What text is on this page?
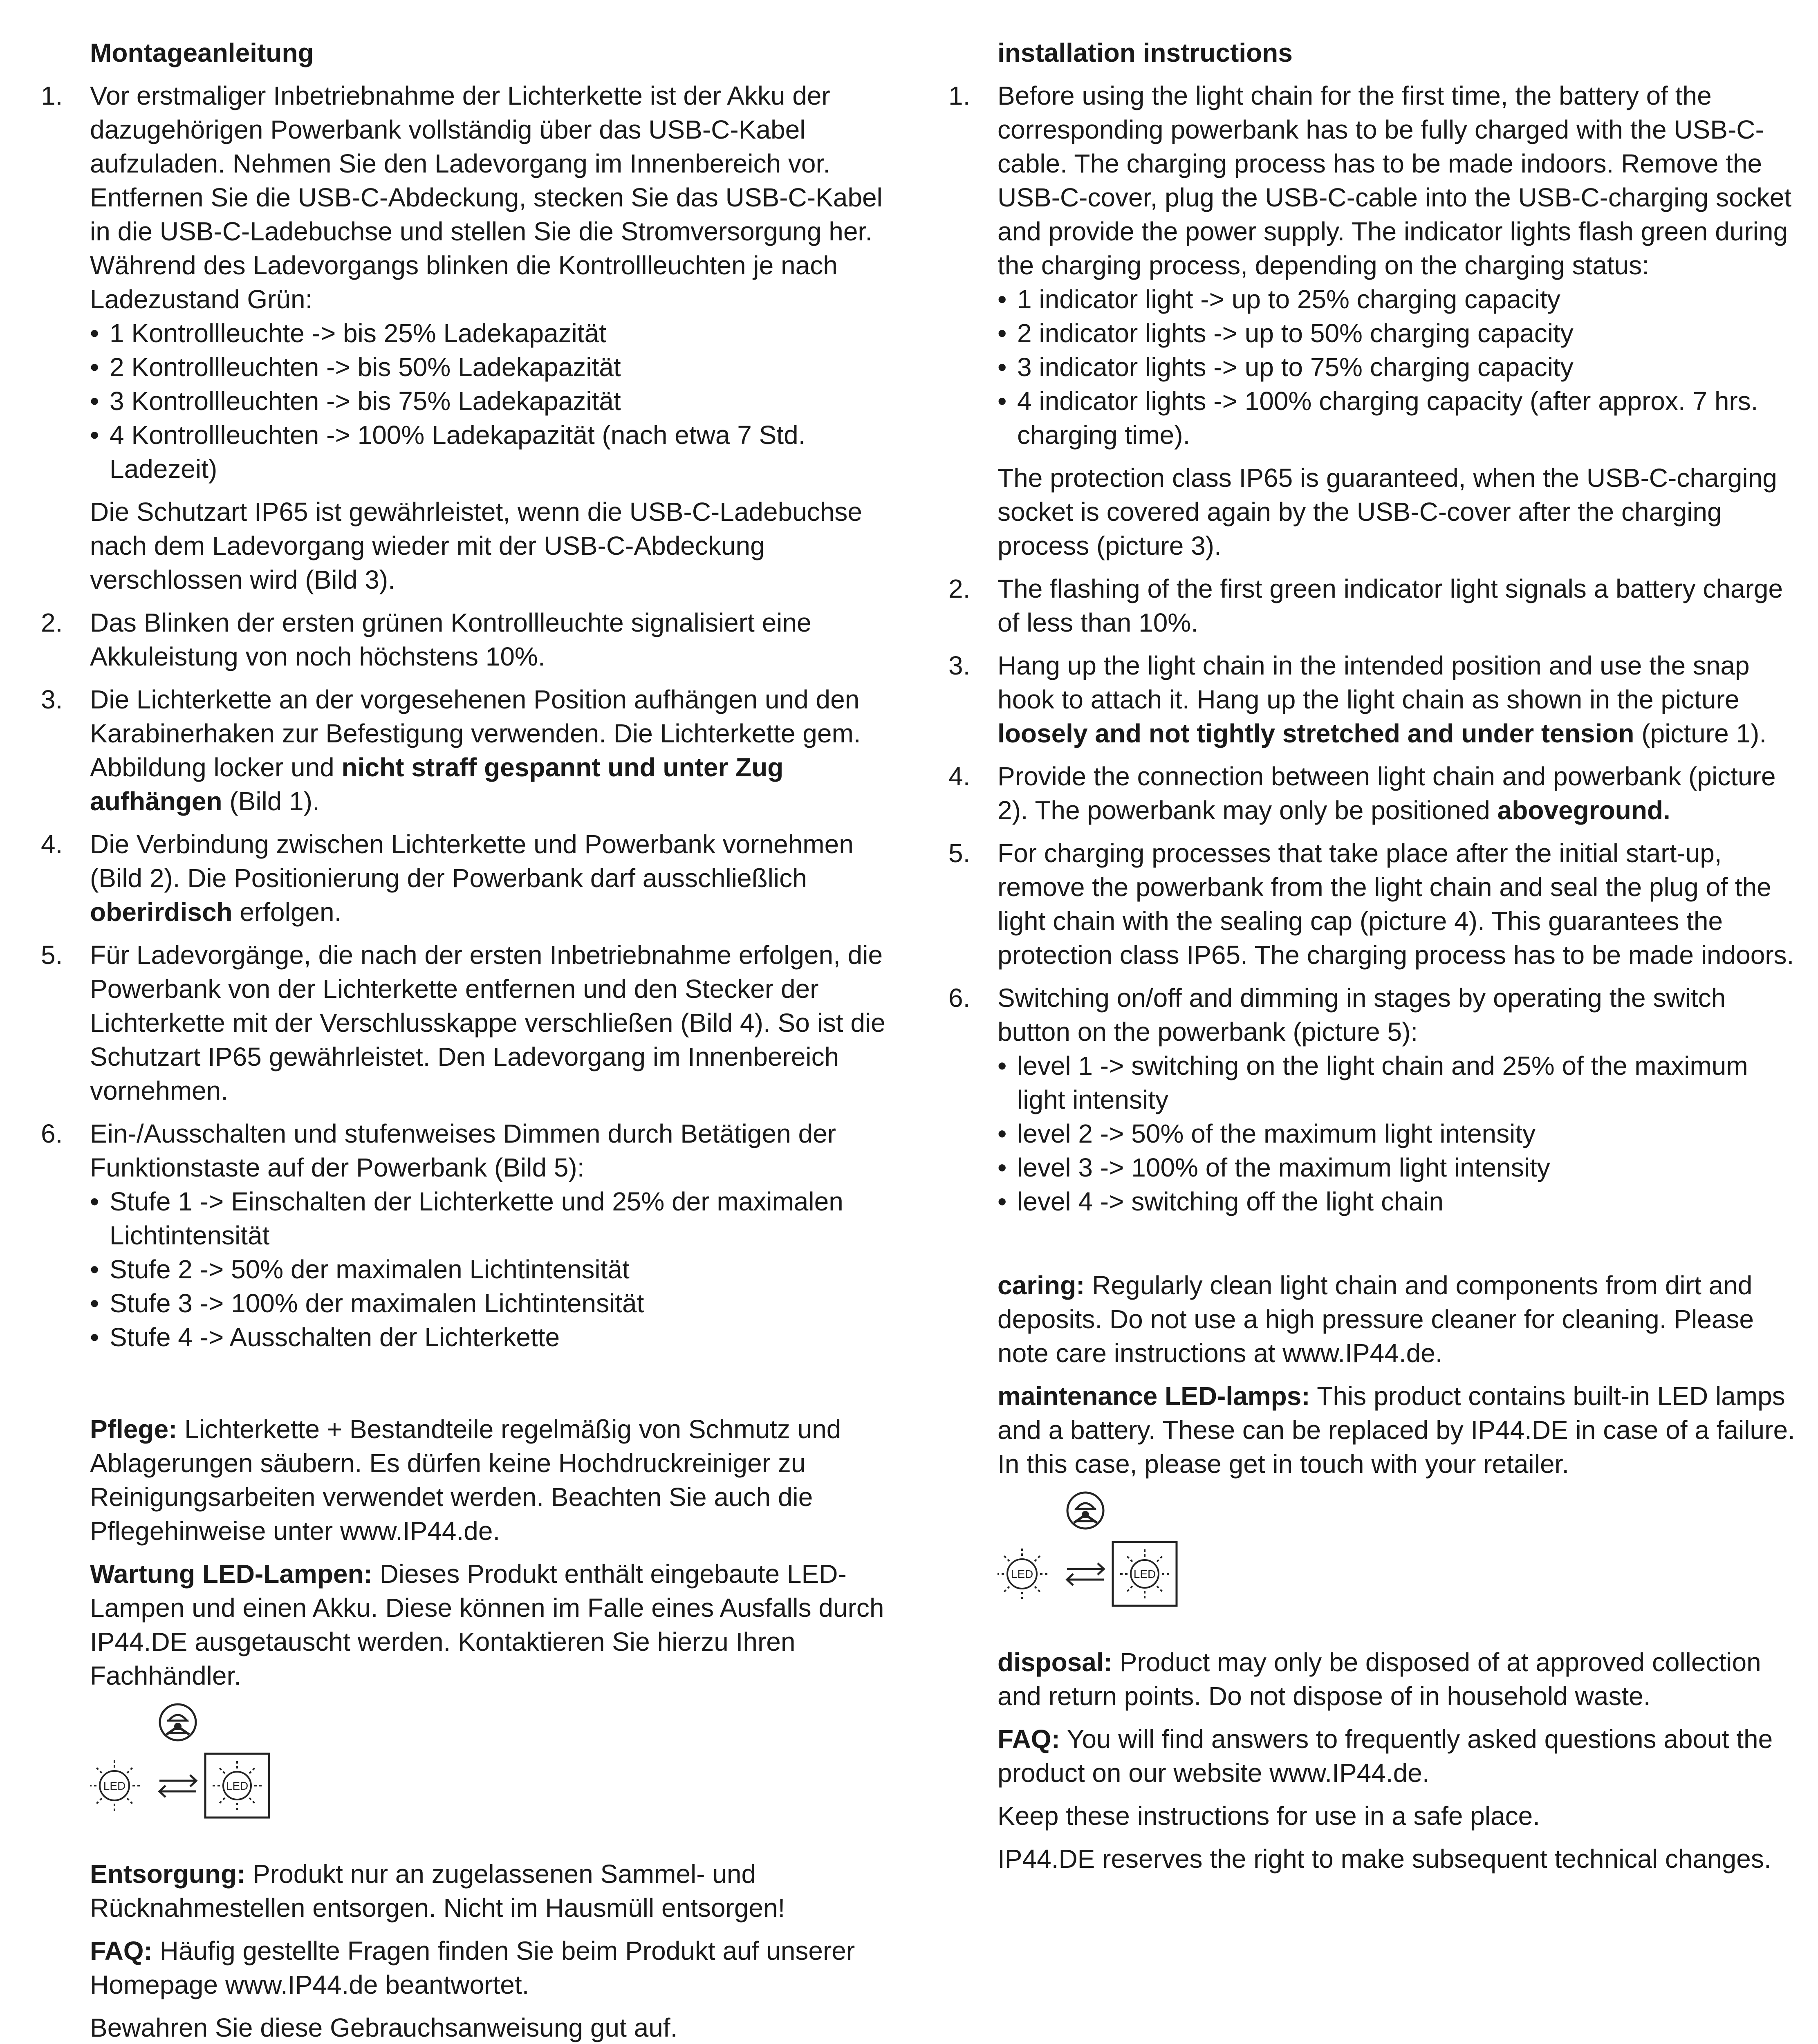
Montageanleitung
1.	Vor erstmaliger Inbetriebnahme der Lichterkette ist der Akku der dazugehörigen Powerbank vollständig über das USB-C-Kabel aufzuladen. Nehmen Sie den Ladevorgang im Innenbereich vor. Entfernen Sie die USB-C-Abdeckung, stecken Sie das USB-C-Kabel in die USB-C-Ladebuchse und stellen Sie die Stromversorgung her. Während des Ladevorgangs blinken die Kontrollleuchten je nach Ladezustand Grün:
• 1 Kontrollleuchte -> bis 25% Ladekapazität
• 2 Kontrollleuchten -> bis 50% Ladekapazität
• 3 Kontrollleuchten -> bis 75% Ladekapazität
• 4 Kontrollleuchten -> 100% Ladekapazität (nach etwa 7 Std. Ladezeit)
Die Schutzart IP65 ist gewährleistet, wenn die USB-C-Ladebuchse nach dem Ladevorgang wieder mit der USB-C-Abdeckung verschlossen wird (Bild 3).
2.	Das Blinken der ersten grünen Kontrollleuchte signalisiert eine Akkuleistung von noch höchstens 10%.
3.	Die Lichterkette an der vorgesehenen Position aufhängen und den Karabinerhaken zur Befestigung verwenden. Die Lichterkette gem. Abbildung locker und nicht straff gespannt und unter Zug aufhängen (Bild 1).
4.	Die Verbindung zwischen Lichterkette und Powerbank vornehmen (Bild 2). Die Positionierung der Powerbank darf ausschließlich oberirdisch erfolgen.
5.	Für Ladevorgänge, die nach der ersten Inbetriebnahme erfolgen, die Powerbank von der Lichterkette entfernen und den Stecker der Lichterkette mit der Verschlusskappe verschließen (Bild 4). So ist die Schutzart IP65 gewährleistet. Den Ladevorgang im Innenbereich vornehmen.
6.	Ein-/Ausschalten und stufenweises Dimmen durch Betätigen der Funktionstaste auf der Powerbank (Bild 5):
• Stufe 1 -> Einschalten der Lichterkette und 25% der maximalen Lichtintensität
• Stufe 2 -> 50% der maximalen Lichtintensität
• Stufe 3 -> 100% der maximalen Lichtintensität
• Stufe 4 -> Ausschalten der Lichterkette
Pflege: Lichterkette + Bestandteile regelmäßig von Schmutz und Ablagerungen säubern. Es dürfen keine Hochdruckreiniger zu Reinigungsarbeiten verwendet werden. Beachten Sie auch die Pflegehinweise unter www.IP44.de.
Wartung LED-Lampen: Dieses Produkt enthält eingebaute LED-Lampen und einen Akku. Diese können im Falle eines Ausfalls durch IP44.DE ausgetauscht werden. Kontaktieren Sie hierzu Ihren Fachhändler.
LED	LED
Entsorgung: Produkt nur an zugelassenen Sammel- und Rücknahmestellen entsorgen. Nicht im Hausmüll entsorgen!
FAQ: Häufig gestellte Fragen finden Sie beim Produkt auf unserer Homepage www.IP44.de beantwortet.
Bewahren Sie diese Gebrauchsanweisung gut auf.
installation instructions
1.	Before using the light chain for the first time, the battery of the corresponding powerbank has to be fully charged with the USB-C-cable. The charging process has to be made indoors. Remove the USB-C-cover, plug the USB-C-cable into the USB-C-charging socket and provide the power supply. The indicator lights flash green during the charging process, depending on the charging status:
• 1 indicator light -> up to 25% charging capacity
• 2 indicator lights -> up to 50% charging capacity
• 3 indicator lights -> up to 75% charging capacity
• 4 indicator lights -> 100% charging capacity (after approx. 7 hrs. charging time).
The protection class IP65 is guaranteed, when the USB-C-charging socket is covered again by the USB-C-cover after the charging process (picture 3).
2.	The flashing of the first green indicator light signals a battery charge of less than 10%.
3.	Hang up the light chain in the intended position and use the snap hook to attach it. Hang up the light chain as shown in the picture loosely and not tightly stretched and under tension (picture 1).
4.	Provide the connection between light chain and powerbank (picture 2). The powerbank may only be positioned aboveground.
5.	For charging processes that take place after the initial start-up, remove the powerbank from the light chain and seal the plug of the light chain with the sealing cap (picture 4). This guarantees the protection class IP65. The charging process has to be made indoors.
6.	Switching on/off and dimming in stages by operating the switch button on the powerbank (picture 5):
• level 1 -> switching on the light chain and 25% of the maximum light intensity
• level 2 -> 50% of the maximum light intensity
• level 3 -> 100% of the maximum light intensity
• level 4 -> switching off the light chain
caring: Regularly clean light chain and components from dirt and deposits. Do not use a high pressure cleaner for cleaning. Please note care instructions at www.IP44.de.
maintenance LED-lamps: This product contains built-in LED lamps and a battery. These can be replaced by IP44.DE in case of a failure. In this case, please get in touch with your retailer.
LED	LED
disposal: Product may only be disposed of at approved collection and return points. Do not dispose of in household waste.
FAQ: You will find answers to frequently asked questions about the product on our website www.IP44.de.
Keep these instructions for use in a safe place.
IP44.DE reserves the right to make subsequent technical changes.
